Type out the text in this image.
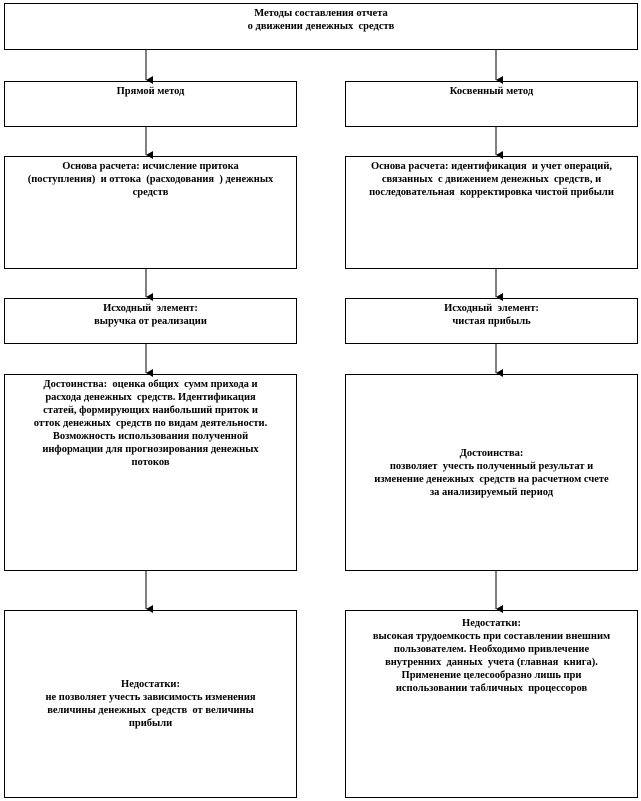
Методы составления отчета
о движении денежных  средств
Прямой метод
Основа расчета: исчисление притока
(поступления)  и оттока  (расходования  ) денежных
средств
Исходный  элемент:
выручка от реализации
Достоинства:  оценка общих  сумм прихода и
расхода денежных  средств. Идентификация
статей, формирующих наибольший приток и
отток денежных  средств по видам деятельности.
Возможность использования полученной
информации для прогнозирования денежных
потоков
Недостатки:
не позволяет учесть зависимость изменения
величины денежных  средств  от величины
прибыли
Косвенный метод
Основа расчета: идентификация  и учет операций,
связанных  с движением денежных  средств, и
последовательная  корректировка чистой прибыли
Исходный  элемент:
чистая прибыль
Достоинства:
позволяет  учесть полученный результат и
изменение денежных  средств на расчетном счете
за анализируемый период
Недостатки:
высокая трудоемкость при составлении внешним
пользователем. Необходимо привлечение
внутренних  данных  учета (главная  книга).
Применение целесообразно лишь при
использовании табличных  процессоров
